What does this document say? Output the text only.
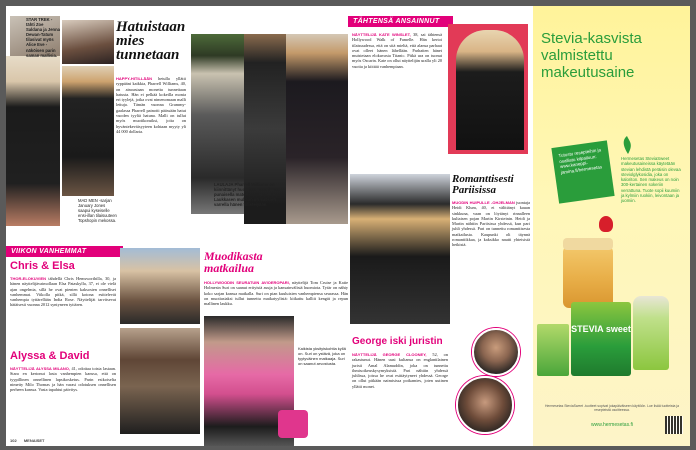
STAR TREK -tähti Zoe Saldana ja Jenna Dewan-Tatum tilasivat myös Alice Eve -näköisen parin saman mallisia.
MAD MEN -sarjan January Jones saapui kyseiselle ensi-illan tilaisuuteen Topshopin mekossa.
Hatuistaan mies tunnetaan
HAPPY-HITILLÄÄN hetulla yllätti ryppääni kaikkia, Pharrell Williams, 40, on ainoastaan monetta tunnettaan hatusta. Hän ei pelkää kokeilla monia eri tyylejä, jotka ovat nimenomaan malli lettuja. Tämän vuonna Grammy-gaalassa Pharrell painotti päässään hatut vuoden tyyliä hatuna. Malli on tullut myös muotikoruiksi, joita on hyväntekeväisyyteen kohtaan myyty yli 44 000 dollaria.
LAULAJA Pharrell Williams on kiinnittänyt huomiota hattuihinsa punaisella matolla. Valmo Helen Laukkasen mukaan on vuosien varrella hänen fiilistelyään.
VIIKON VANHEMMAT
Chris & Elsa
THOR-ELOKUVIEN tähdellä Chris Hemsworthilla, 30, ja hänen näyttelijävaimollaan Elsa Pataskylla, 37, ei ole vielä ajan ongelmia, sillä he ovat pienten kaksosten onnelliset vanhemmat. Viikolla pitkä, sillä kotona esittelevät vanhempia tyttärellään India Rose. Näyttelijät tarvitsevat hätäisesti vuonna 2012 syntyneen tyttären.
Alyssa & David
NÄYTTELIJÄ ALYSSA MILANO, 41, odottaa toista lastaan. Stara en kertonut lasta vanhempien kanssa, että on tyypillinen onnellinen lapsikosketus. Parin esikoiselta nimetty Milo Thomas ja hän varasi odotuksen onnellisen perheen kanssa. Vasta tapahtui päivitys.
Muodikasta matkailua
HOLLYWOODIN SEURATUIN AVIOEROPARI, näyttelijä Tom Cruise ja Katie Holmesin Suri on saanut erityisiä asuja ja kansainvälistä huomiota. Tytär on nähty koko sarjan kanssa matkalla. Suri on pian kuuluisien vanhempiensa seurassa. Hän on muotiasiaksi tullut tunnettu matkatyylistä: kitkattu kalliit kengät ja repun mallinen laukku.
Kaikista yksityiskohtia kyllä on. Suri on ystävä, joka on tyytyväinen matkaaja. Suri on saanut arvostusta.
102 MENAISET
TÄHTENSÄ ANSAINNUT
NÄYTTELIJÄ KATE WINSLET, 38, sai tähtensä Hollywood Walk of Famelle. Hän kertoi tilaisuudessa, että on sitä mieltä, että alansa parhaat ovat olleet hänen lähellään. Parhaiten hänet muistetaan elokuvasta Titanic. Pitkä ura on tuonut myös Oscarin. Kate on ollut näyttelijän uralla yli 20 vuotta ja kiittää vanhempiaan.
Romanttisesti Pariisissa
MUODIN HUIPULLE -OHJELMAN juontaja Heidi Klum, 40, ei välittänyt kauan sinkkuna, vaan on löytänyt rinnalleen kultaisen pojan Martin Kirsteinin. Heidi ja Martin nähtiin Pariisissa yhdessä, kun pari juhli yhdessä. Pari on tunnettu romanttisesta matkailusta. Kaupunki oli täynnä romantiikkaa, ja kaksikko nautti yhteisistä hetkistä.
George iski juristin
NÄYTTELIJÄ GEORGE CLOONEY, 52, on rakastunut. Hänen uusi kultansa on englantilainen juristi Amal Alamuddin, joka on tunnettu ihmisoikeuskysymyksistä. Pari nähtiin yhdessä juhlissa, joissa he ovat esittäytyneet yhdessä. George on ollut pitkään naimisissa poikamies, joten uutinen yllätti monet.
Stevia-kasvista valmistettu makeutusaine
Tutustu resepteihin ja osallistu kilpailuun: www.kaneppi-jamina.fi/hermesetas
Hermesetas SteviaSweet makeutusaineissa käytetään stevian lehdistä peräisin olevaa steviolglykosidia, joka on kaloriton. Sen makeus on noin 300-kertainen sokeriin verrattuna. Tuote sopii kuumiin ja kylmiin ruokiin, leivontaan ja juomiin.
STEVIA sweet
Hermesetas SteviaSweet -tuotteet sopivat jokapäiväiseen käyttöön. Lue lisää tuotteista ja resepteistä osoitteessa.
www.hermesetas.fi
